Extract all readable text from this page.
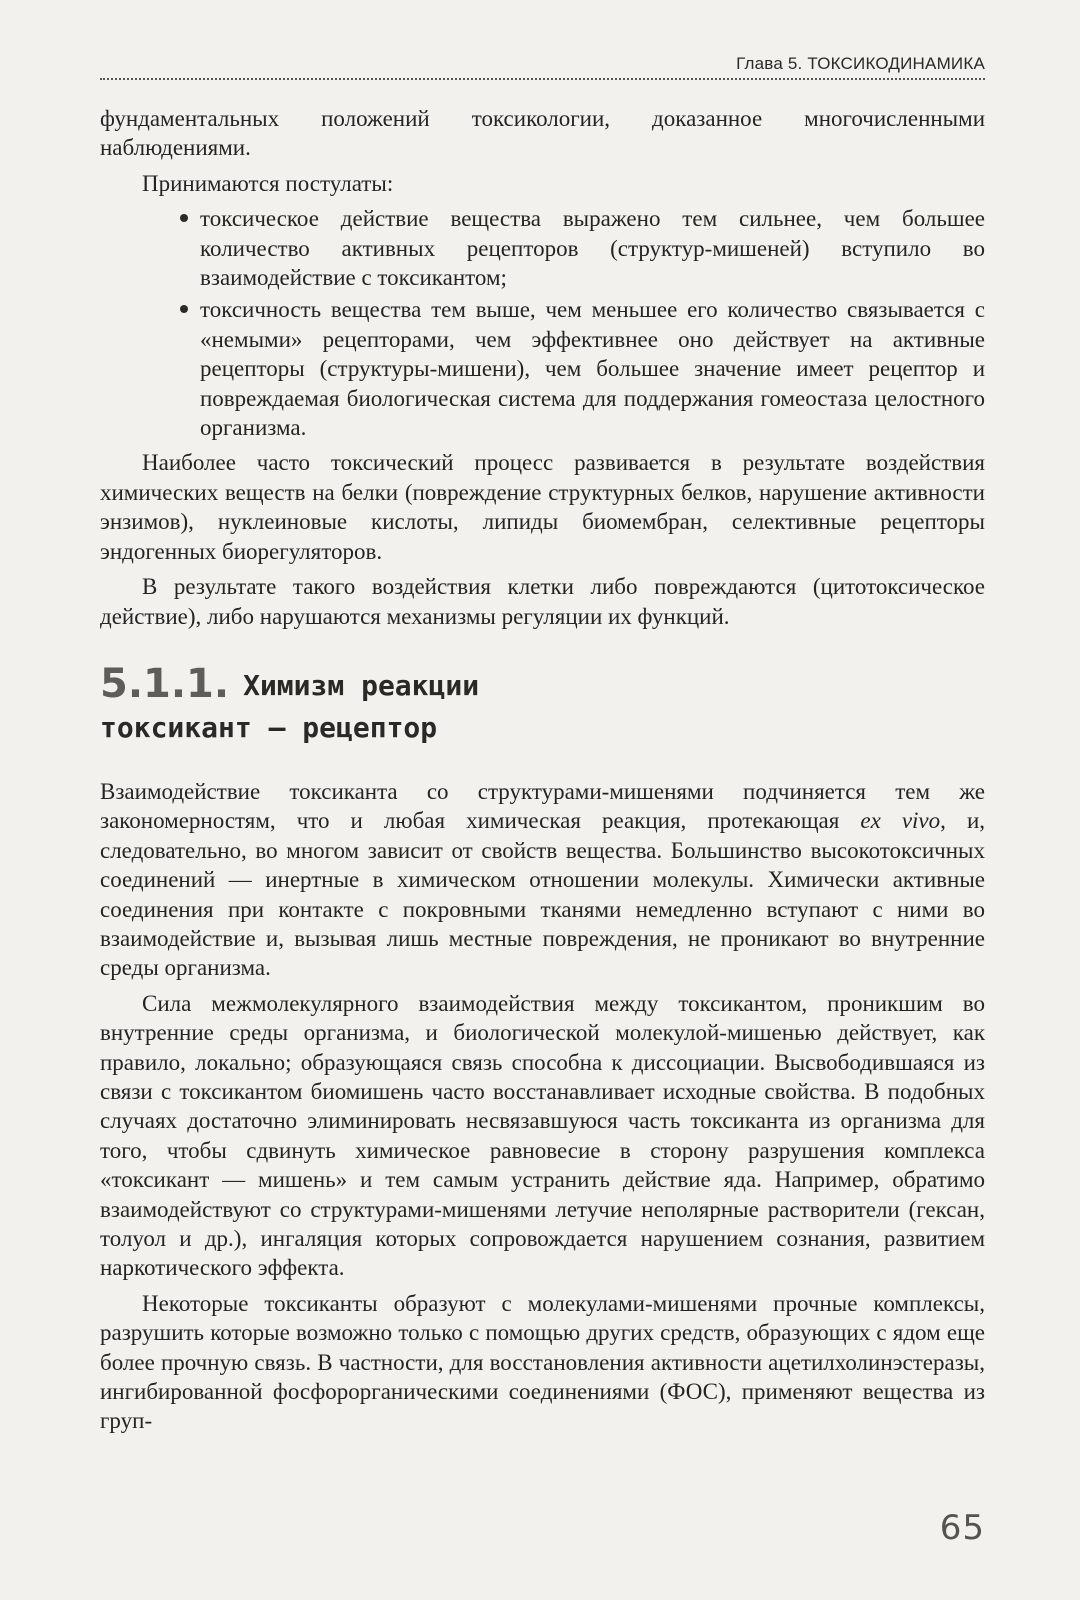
Глава 5. ТОКСИКОДИНАМИКА

фундаментальных положений токсикологии, доказанное многочисленными наблюдениями.

Принимаются постулаты:

токсическое действие вещества выражено тем сильнее, чем большее количество активных рецепторов (структур-мишеней) вступило во взаимодействие с токсикантом;
токсичность вещества тем выше, чем меньшее его количество связывается с «немыми» рецепторами, чем эффективнее оно действует на активные рецепторы (структуры-мишени), чем большее значение имеет рецептор и повреждаемая биологическая система для поддержания гомеостаза целостного организма.

Наиболее часто токсический процесс развивается в результате воздействия химических веществ на белки (повреждение структурных белков, нарушение активности энзимов), нуклеиновые кислоты, липиды биомембран, селективные рецепторы эндогенных биорегуляторов.

В результате такого воздействия клетки либо повреждаются (цитотоксическое действие), либо нарушаются механизмы регуляции их функций.

5.1.1. Химизм реакции
токсикант – рецептор

Взаимодействие токсиканта со структурами-мишенями подчиняется тем же закономерностям, что и любая химическая реакция, протекающая ex vivo, и, следовательно, во многом зависит от свойств вещества. Большинство высокотоксичных соединений — инертные в химическом отношении молекулы. Химически активные соединения при контакте с покровными тканями немедленно вступают с ними во взаимодействие и, вызывая лишь местные повреждения, не проникают во внутренние среды организма.

Сила межмолекулярного взаимодействия между токсикантом, проникшим во внутренние среды организма, и биологической молекулой-мишенью действует, как правило, локально; образующаяся связь способна к диссоциации. Высвободившаяся из связи с токсикантом биомишень часто восстанавливает исходные свойства. В подобных случаях достаточно элиминировать несвязавшуюся часть токсиканта из организма для того, чтобы сдвинуть химическое равновесие в сторону разрушения комплекса «токсикант — мишень» и тем самым устранить действие яда. Например, обратимо взаимодействуют со структурами-мишенями летучие неполярные растворители (гексан, толуол и др.), ингаляция которых сопровождается нарушением сознания, развитием наркотического эффекта.

Некоторые токсиканты образуют с молекулами-мишенями прочные комплексы, разрушить которые возможно только с помощью других средств, образующих с ядом еще более прочную связь. В частности, для восстановления активности ацетилхолинэстеразы, ингибированной фосфорорганическими соединениями (ФОС), применяют вещества из груп-

65
